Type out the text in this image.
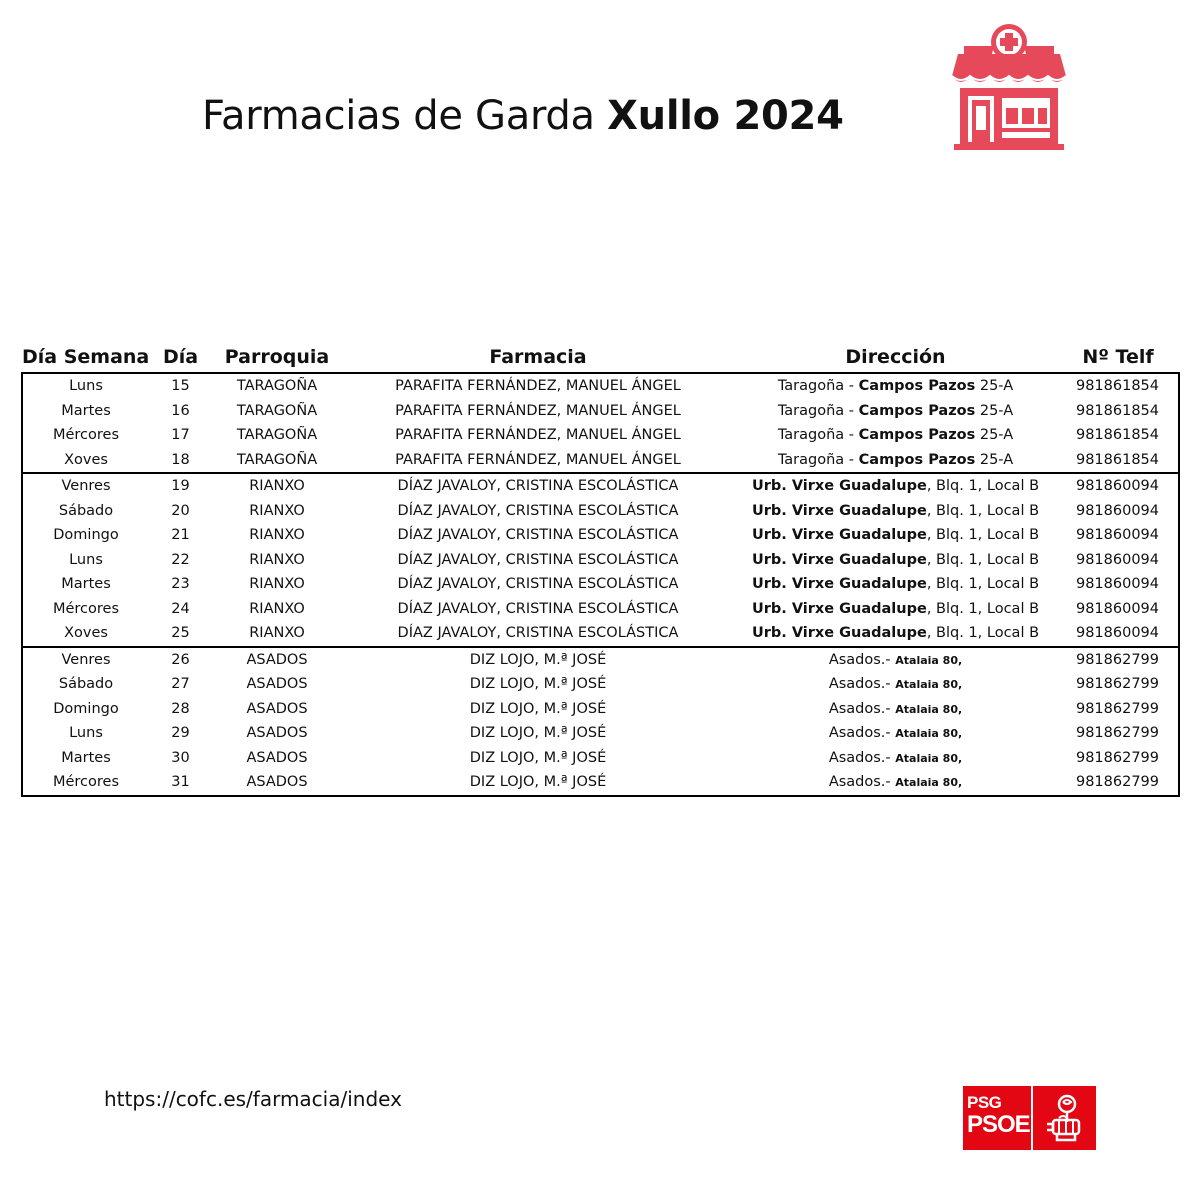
Farmacias de Garda Xullo 2024
Día Semana	Día	Parroquia	Farmacia	Dirección	Nº Telf
Luns	15	TARAGOÑA	PARAFITA FERNÁNDEZ, MANUEL ÁNGEL	Taragoña - Campos Pazos 25-A	981861854
Martes	16	TARAGOÑA	PARAFITA FERNÁNDEZ, MANUEL ÁNGEL	Taragoña - Campos Pazos 25-A	981861854
Mércores	17	TARAGOÑA	PARAFITA FERNÁNDEZ, MANUEL ÁNGEL	Taragoña - Campos Pazos 25-A	981861854
Xoves	18	TARAGOÑA	PARAFITA FERNÁNDEZ, MANUEL ÁNGEL	Taragoña - Campos Pazos 25-A	981861854
Venres	19	RIANXO	DÍAZ JAVALOY, CRISTINA ESCOLÁSTICA	Urb. Virxe Guadalupe, Blq. 1, Local B	981860094
Sábado	20	RIANXO	DÍAZ JAVALOY, CRISTINA ESCOLÁSTICA	Urb. Virxe Guadalupe, Blq. 1, Local B	981860094
Domingo	21	RIANXO	DÍAZ JAVALOY, CRISTINA ESCOLÁSTICA	Urb. Virxe Guadalupe, Blq. 1, Local B	981860094
Luns	22	RIANXO	DÍAZ JAVALOY, CRISTINA ESCOLÁSTICA	Urb. Virxe Guadalupe, Blq. 1, Local B	981860094
Martes	23	RIANXO	DÍAZ JAVALOY, CRISTINA ESCOLÁSTICA	Urb. Virxe Guadalupe, Blq. 1, Local B	981860094
Mércores	24	RIANXO	DÍAZ JAVALOY, CRISTINA ESCOLÁSTICA	Urb. Virxe Guadalupe, Blq. 1, Local B	981860094
Xoves	25	RIANXO	DÍAZ JAVALOY, CRISTINA ESCOLÁSTICA	Urb. Virxe Guadalupe, Blq. 1, Local B	981860094
Venres	26	ASADOS	DIZ LOJO, M.ª JOSÉ	Asados.- Atalaia 80,	981862799
Sábado	27	ASADOS	DIZ LOJO, M.ª JOSÉ	Asados.- Atalaia 80,	981862799
Domingo	28	ASADOS	DIZ LOJO, M.ª JOSÉ	Asados.- Atalaia 80,	981862799
Luns	29	ASADOS	DIZ LOJO, M.ª JOSÉ	Asados.- Atalaia 80,	981862799
Martes	30	ASADOS	DIZ LOJO, M.ª JOSÉ	Asados.- Atalaia 80,	981862799
Mércores	31	ASADOS	DIZ LOJO, M.ª JOSÉ	Asados.- Atalaia 80,	981862799
https://cofc.es/farmacia/index	PSG
PSOE
